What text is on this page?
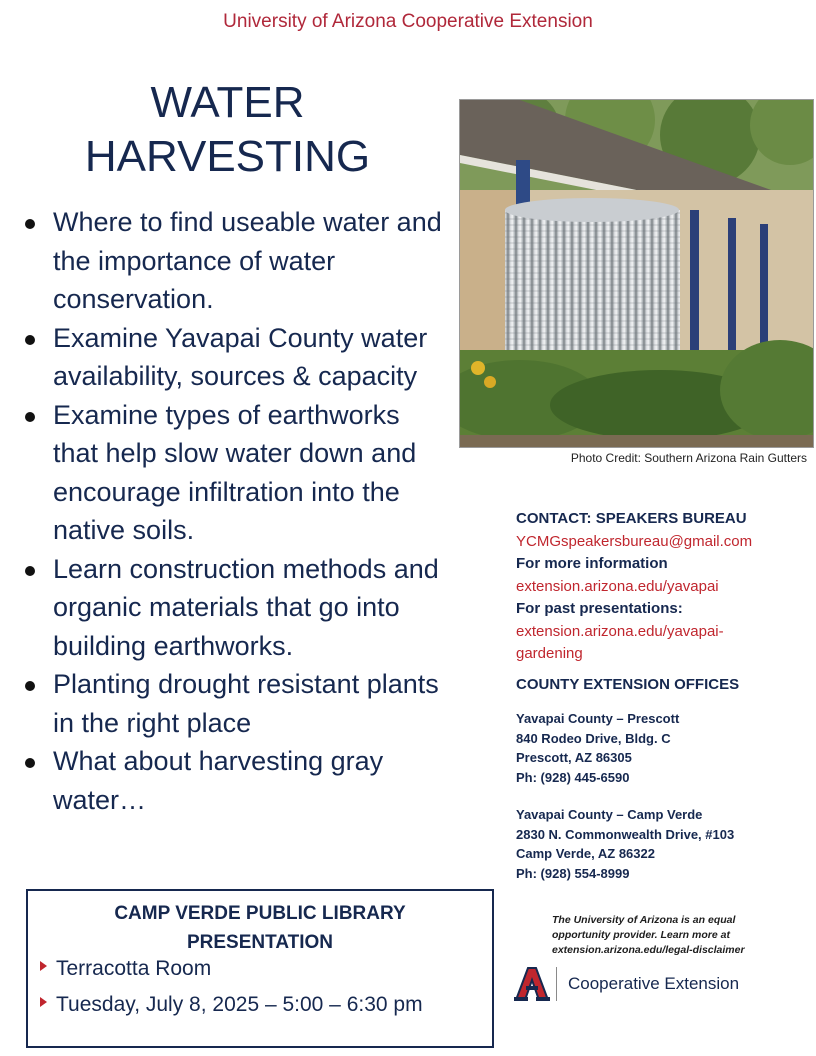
University of Arizona Cooperative Extension
WATER
HARVESTING
Where to find useable water and the importance of water conservation.
Examine Yavapai County water availability, sources & capacity
Examine types of earthworks that help slow water down and encourage infiltration into the native soils.
Learn construction methods and organic materials that go into building earthworks.
Planting drought resistant plants in the right place
What about harvesting gray water…
Photo Credit: Southern Arizona Rain Gutters
CONTACT: SPEAKERS BUREAU
YCMGspeakersbureau@gmail.com
For more information
extension.arizona.edu/yavapai
For past presentations:
extension.arizona.edu/yavapai-
gardening
COUNTY EXTENSION OFFICES
Yavapai County – Prescott
840 Rodeo Drive, Bldg. C
Prescott, AZ 86305
Ph: (928) 445-6590
Yavapai County – Camp Verde
2830 N. Commonwealth Drive, #103
Camp Verde, AZ 86322
Ph: (928) 554-8999
CAMP VERDE PUBLIC LIBRARY
PRESENTATION
Terracotta Room
Tuesday, July 8, 2025 – 5:00 – 6:30 pm
The University of Arizona is an equal
opportunity provider. Learn more at
extension.arizona.edu/legal-disclaimer
Cooperative Extension
